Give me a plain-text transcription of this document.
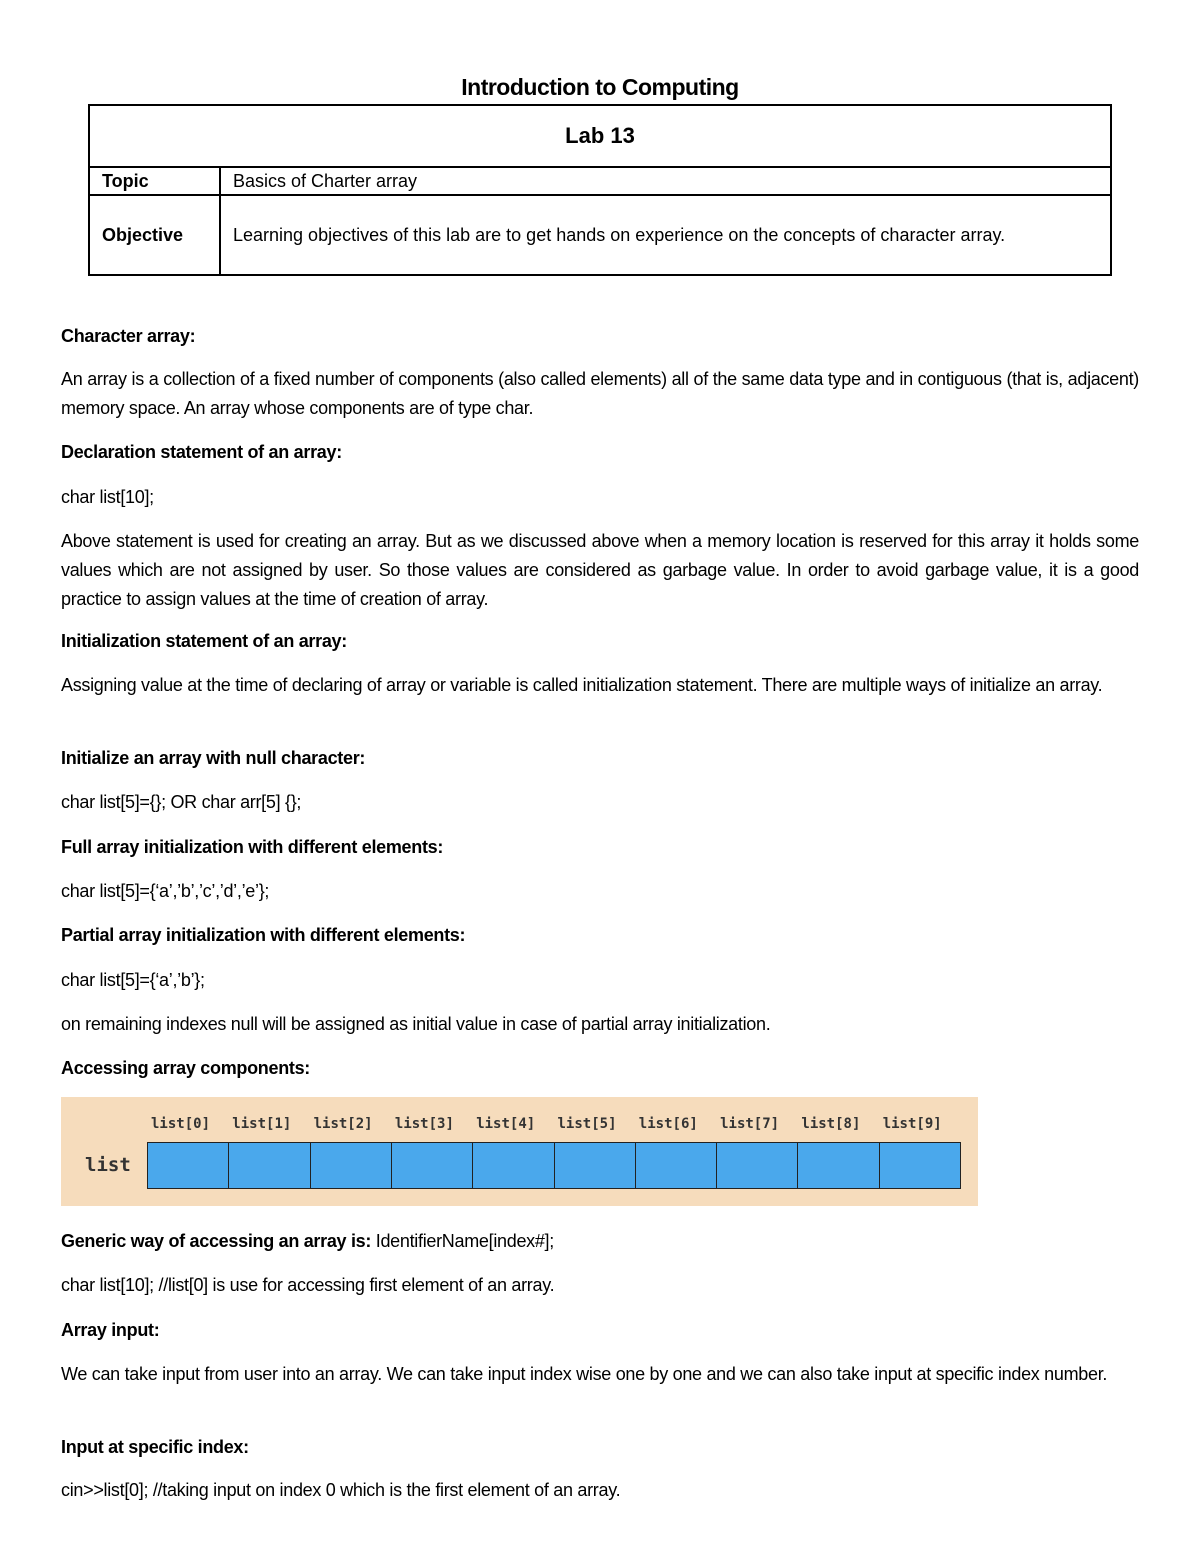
Introduction to Computing
Lab 13	
Topic	Basics of Charter array
Objective	Learning objectives of this lab are to get hands on experience on the concepts of character array.
Character array:
An array is a collection of a fixed number of components (also called elements) all of the same data type and in contiguous (that is, adjacent) memory space. An array whose components are of type char.
Declaration statement of an array:
char list[10];
Above statement is used for creating an array. But as we discussed above when a memory location is reserved for this array it holds some values which are not assigned by user. So those values are considered as garbage value. In order to avoid garbage value, it is a good practice to assign values at the time of creation of array.
Initialization statement of an array:
Assigning value at the time of declaring of array or variable is called initialization statement. There are multiple ways of initialize an array.
Initialize an array with null character:
char list[5]={}; OR char arr[5] {};
Full array initialization with different elements:
char list[5]={‘a’,’b’,’c’,’d’,’e’};
Partial array initialization with different elements:
char list[5]={‘a’,’b’};
on remaining indexes null will be assigned as initial value in case of partial array initialization.
Accessing array components:
list
list[0] list[1] list[2] list[3] list[4] list[5] list[6] list[7] list[8] list[9]
Generic way of accessing an array is: IdentifierName[index#];
char list[10]; //list[0] is use for accessing first element of an array.
Array input:
We can take input from user into an array. We can take input index wise one by one and we can also take input at specific index number.
Input at specific index:
cin>>list[0]; //taking input on index 0 which is the first element of an array.
